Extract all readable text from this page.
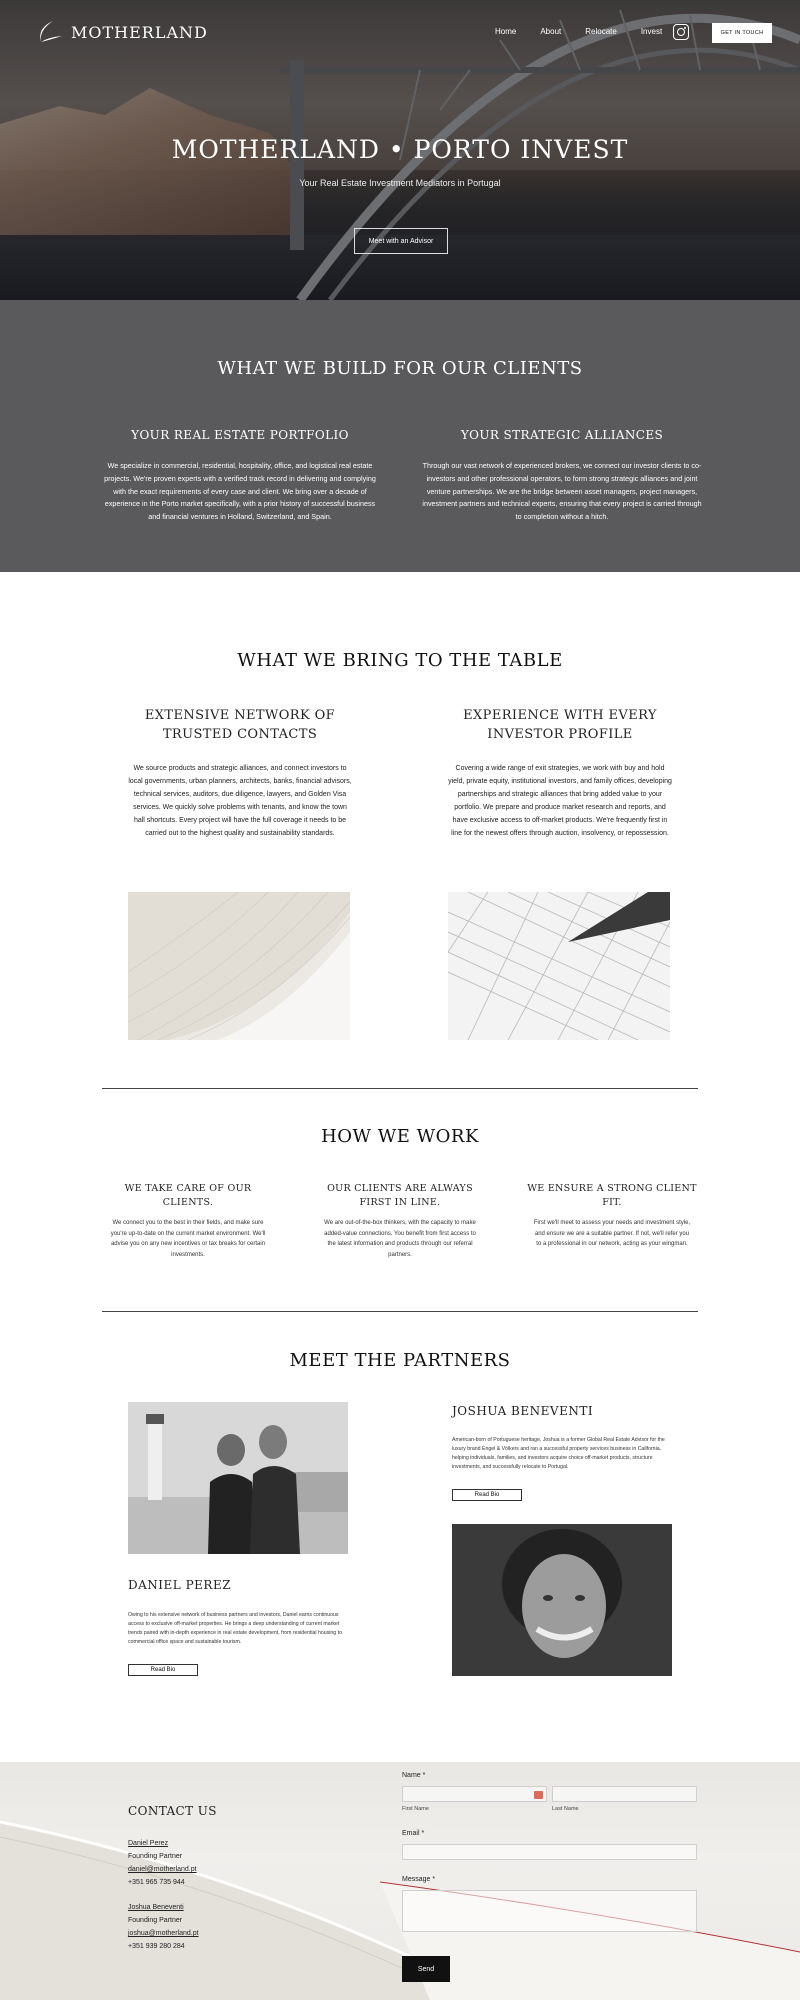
MOTHERLAND	Home	About	Relocate	Invest	GET IN TOUCH
MOTHERLAND • PORTO INVEST
Your Real Estate Investment Mediators in Portugal
Meet with an Advisor
WHAT WE BUILD FOR OUR CLIENTS
YOUR REAL ESTATE PORTFOLIO
We specialize in commercial, residential, hospitality, office, and logistical real estate projects. We're proven experts with a verified track record in delivering and complying with the exact requirements of every case and client. We bring over a decade of experience in the Porto market specifically, with a prior history of successful business and financial ventures in Holland, Switzerland, and Spain.
YOUR STRATEGIC ALLIANCES
Through our vast network of experienced brokers, we connect our investor clients to co-investors and other professional operators, to form strong strategic alliances and joint venture partnerships. We are the bridge between asset managers, project managers, investment partners and technical experts, ensuring that every project is carried through to completion without a hitch.
WHAT WE BRING TO THE TABLE
EXTENSIVE NETWORK OF TRUSTED CONTACTS
We source products and strategic alliances, and connect investors to local governments, urban planners, architects, banks, financial advisors, technical services, auditors, due diligence, lawyers, and Golden Visa services. We quickly solve problems with tenants, and know the town hall shortcuts. Every project will have the full coverage it needs to be carried out to the highest quality and sustainability standards.
EXPERIENCE WITH EVERY INVESTOR PROFILE
Covering a wide range of exit strategies, we work with buy and hold yield, private equity, institutional investors, and family offices, developing partnerships and strategic alliances that bring added value to your portfolio. We prepare and produce market research and reports, and have exclusive access to off-market products. We're frequently first in line for the newest offers through auction, insolvency, or repossession.
HOW WE WORK
WE TAKE CARE OF OUR CLIENTS.
We connect you to the best in their fields, and make sure you're up-to-date on the current market environment. We'll advise you on any new incentives or tax breaks for certain investments.
OUR CLIENTS ARE ALWAYS FIRST IN LINE.
We are out-of-the-box thinkers, with the capacity to make added-value connections. You benefit from first access to the latest information and products through our referral partners.
WE ENSURE A STRONG CLIENT FIT.
First we'll meet to assess your needs and investment style, and ensure we are a suitable partner. If not, we'll refer you to a professional in our network, acting as your wingman.
MEET THE PARTNERS
JOSHUA BENEVENTI
American-born of Portuguese heritage, Joshua is a former Global Real Estate Advisor for the luxury brand Engel & Völkers and ran a successful property services business in California, helping individuals, families, and investors acquire choice off-market products, structure investments, and successfully relocate to Portugal.
Read Bio
DANIEL PEREZ
Owing to his extensive network of business partners and investors, Daniel earns continuous access to exclusive off-market properties. He brings a deep understanding of current market trends paired with in-depth experience in real estate development, from residential housing to commercial office space and sustainable tourism.
Read Bio
CONTACT US
Daniel Perez
Founding Partner
daniel@motherland.pt
+351 965 735 944
Joshua Beneventi
Founding Partner
joshua@motherland.pt
+351 939 280 284
Name *
First Name	Last Name
Email *
Message *
Send
